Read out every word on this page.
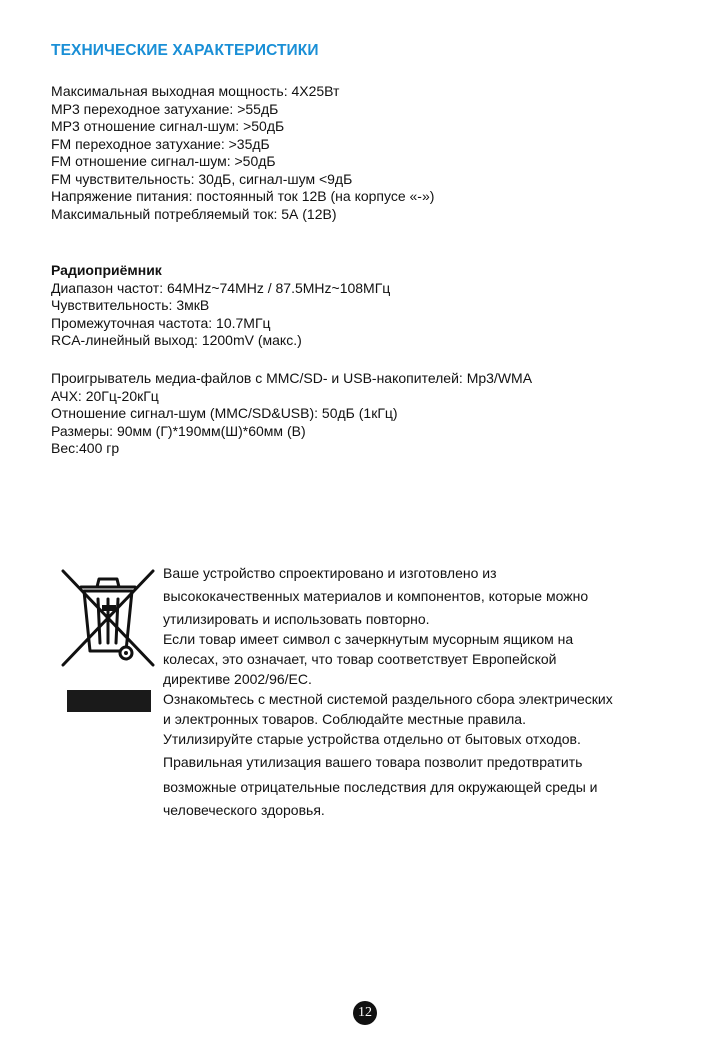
ТЕХНИЧЕСКИЕ ХАРАКТЕРИСТИКИ
Максимальная выходная мощность: 4Х25Вт
МР3 переходное затухание: >55дБ
МР3 отношение сигнал-шум: >50дБ
FM переходное затухание: >35дБ
FM отношение сигнал-шум: >50дБ
FM чувствительность: 30дБ, сигнал-шум <9дБ
Напряжение питания: постоянный ток 12В (на корпусе «-»)
Максимальный потребляемый ток: 5А (12В)
Радиоприёмник
Диапазон частот: 64MHz~74MHz / 87.5MHz~108МГц
Чувствительность: 3мкВ
Промежуточная частота: 10.7МГц
RCA-линейный выход: 1200mV (макс.)
Проигрыватель медиа-файлов с ММС/SD- и USB-накопителей: Mp3/WMA
АЧХ: 20Гц-20кГц
Отношение сигнал-шум (ММС/SD&USB): 50дБ (1кГц)
Размеры: 90мм (Г)*190мм(Ш)*60мм (В)
Вес:400 гр
Ваше устройство спроектировано и изготовлено из
высококачественных материалов и компонентов, которые можно
утилизировать и использовать повторно.
Если товар имеет символ с зачеркнутым мусорным ящиком на
колесах, это означает, что товар соответствует Европейской
директиве 2002/96/ЕС.
Ознакомьтесь с местной системой раздельного сбора электрических
и электронных товаров. Соблюдайте местные правила.
Утилизируйте старые устройства отдельно от бытовых отходов.
Правильная утилизация вашего товара позволит предотвратить
возможные отрицательные последствия для окружающей среды и
человеческого здоровья.
12
